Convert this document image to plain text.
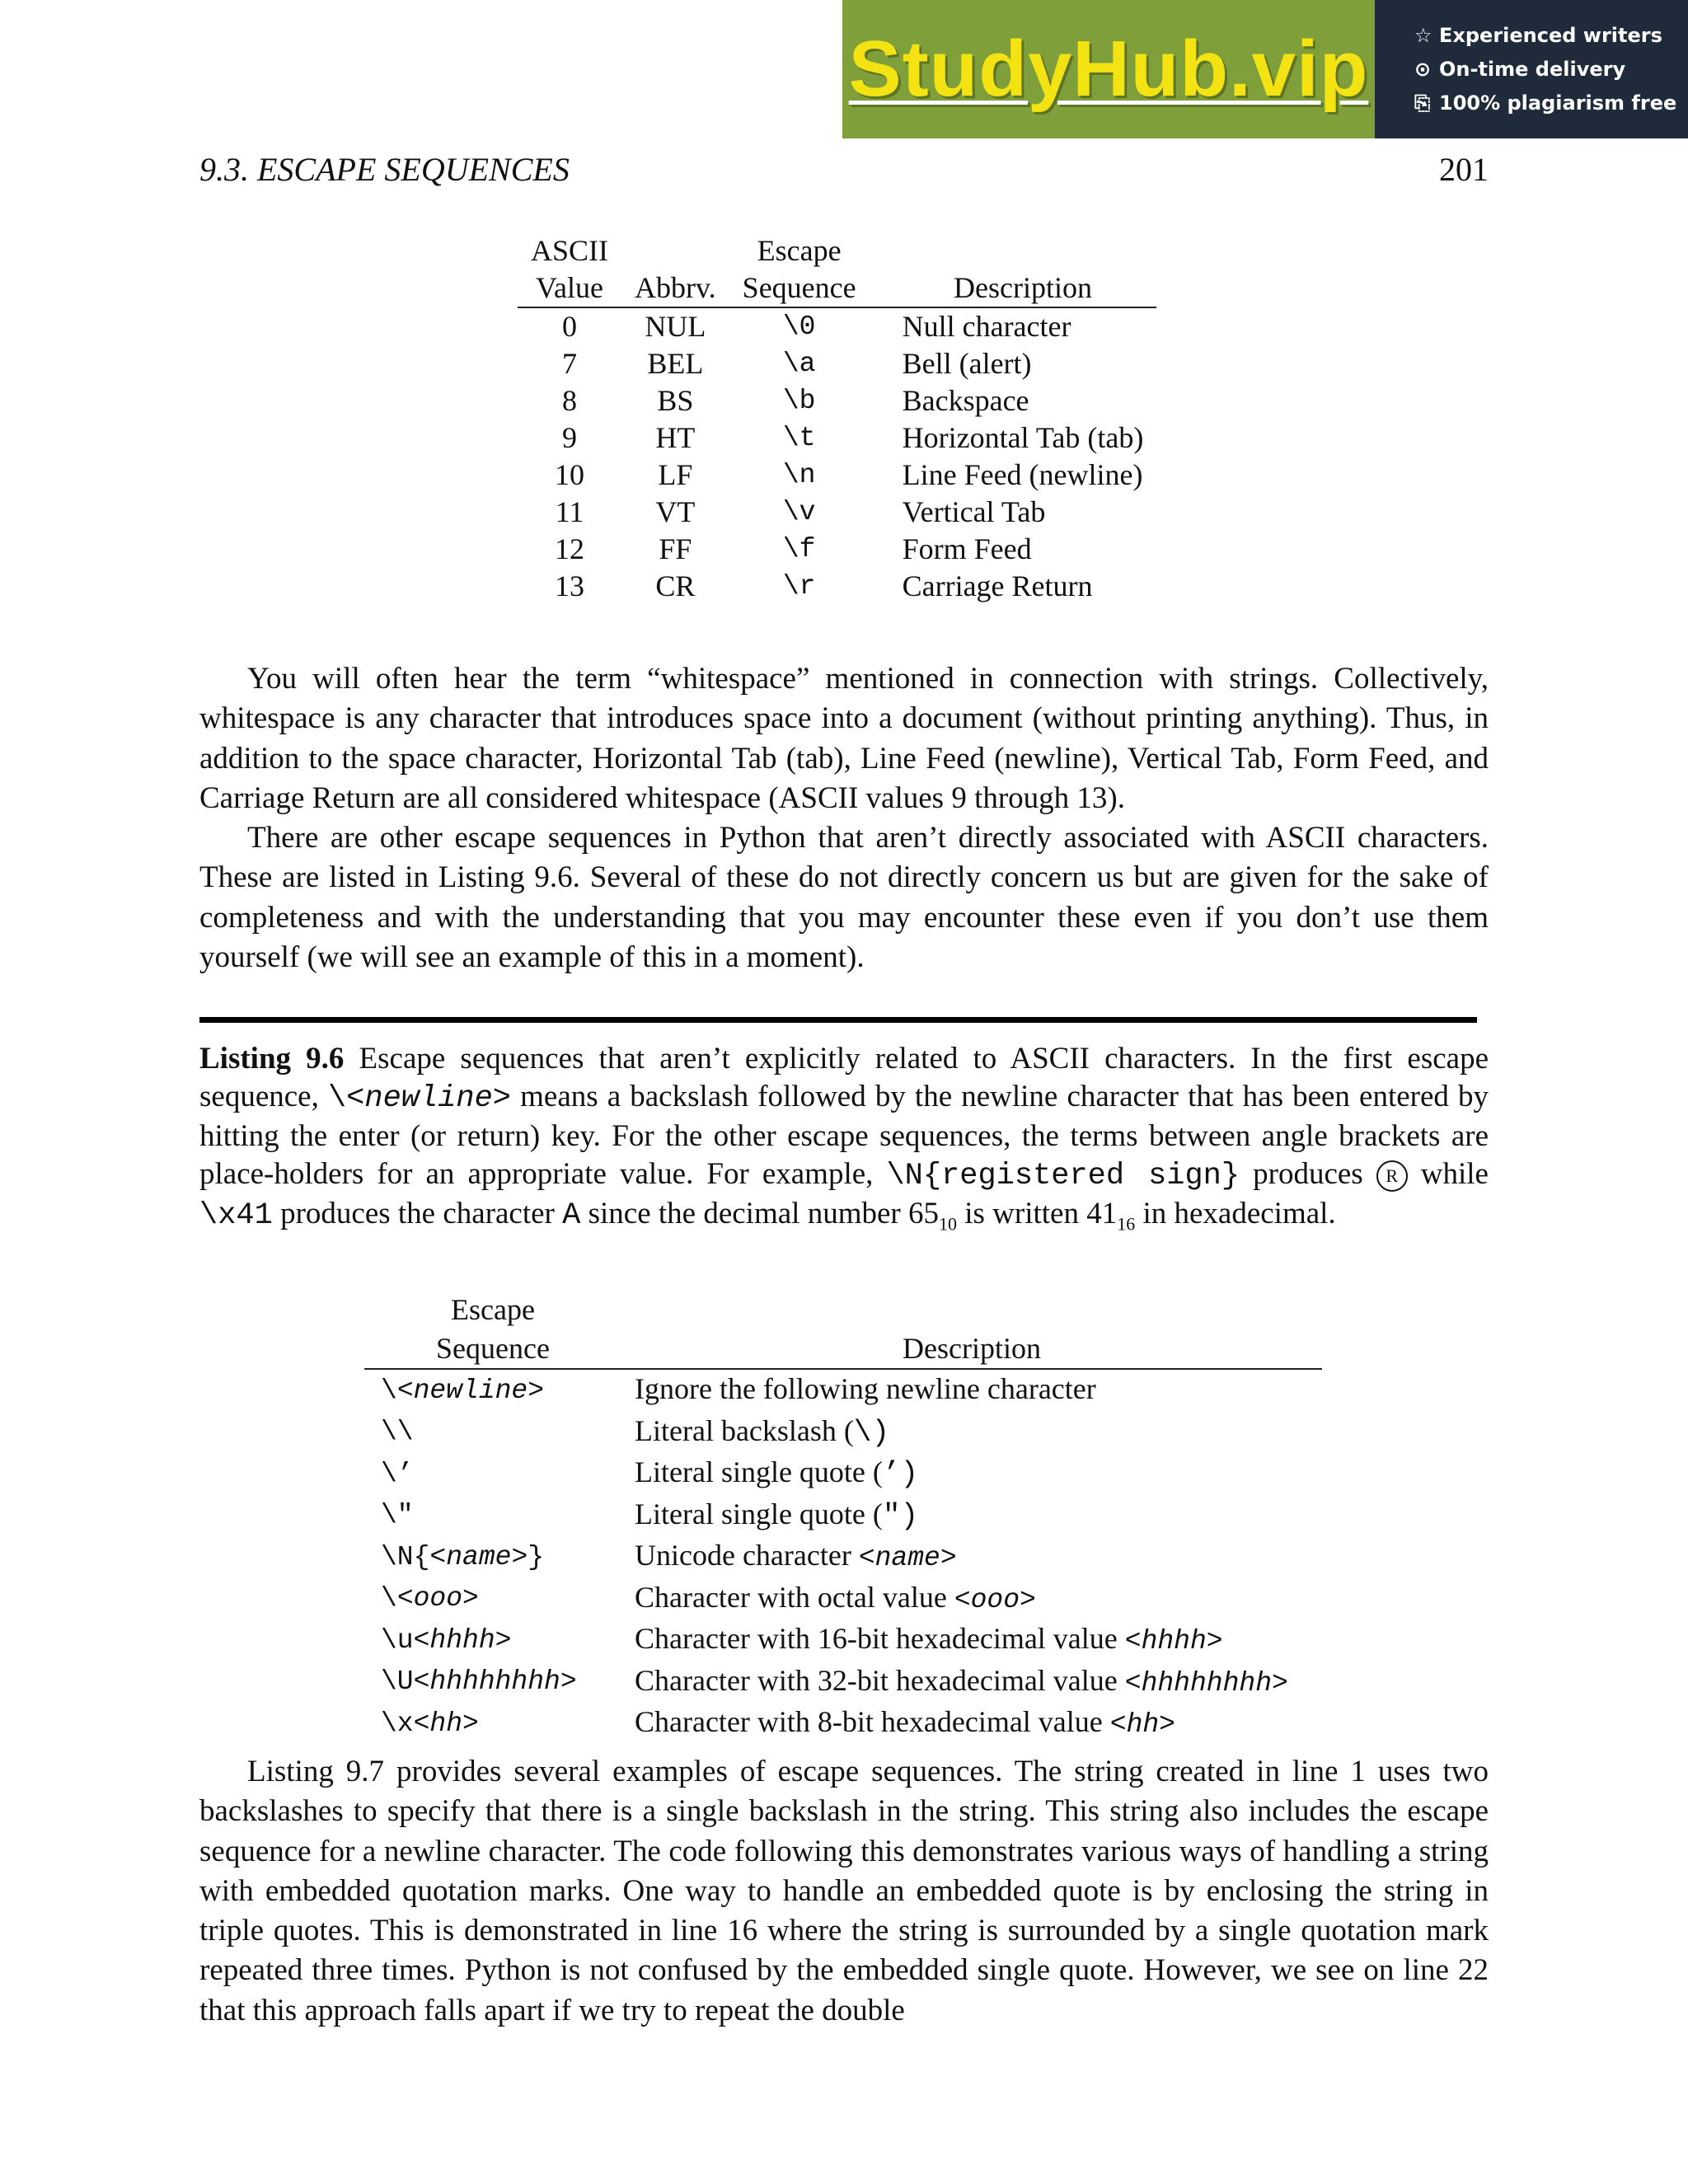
StudyHub.vip ☆ Experienced writers
⊙ On-time delivery
⎘ 100% plagiarism free
9.3. ESCAPE SEQUENCES	201
ASCII		Escape	
Value	Abbrv.	Sequence	Description
0	NUL	\0	Null character
7	BEL	\a	Bell (alert)
8	BS	\b	Backspace
9	HT	\t	Horizontal Tab (tab)
10	LF	\n	Line Feed (newline)
11	VT	\v	Vertical Tab
12	FF	\f	Form Feed
13	CR	\r	Carriage Return

You will often hear the term “whitespace” mentioned in connection with strings. Collectively, whitespace is any character that introduces space into a document (without printing anything). Thus, in addition to the space character, Horizontal Tab (tab), Line Feed (newline), Vertical Tab, Form Feed, and Carriage Return are all considered whitespace (ASCII values 9 through 13).

There are other escape sequences in Python that aren’t directly associated with ASCII characters. These are listed in Listing 9.6. Several of these do not directly concern us but are given for the sake of completeness and with the understanding that you may encounter these even if you don’t use them yourself (we will see an example of this in a moment).

Listing 9.6 Escape sequences that aren’t explicitly related to ASCII characters. In the first escape sequence, \<newline> means a backslash followed by the newline character that has been entered by hitting the enter (or return) key. For the other escape sequences, the terms between angle brackets are place-holders for an appropriate value. For example, \N{registered sign} produces R while \x41 produces the character A since the decimal number $65_{10}$ is written $41_{16}$ in hexadecimal.

Escape	
Sequence	Description
\<newline>	Ignore the following newline character
\\	Literal backslash (\)
\’	Literal single quote (’)
\"	Literal single quote (")
\N{<name>}	Unicode character <name>
\<ooo>	Character with octal value <ooo>
\u<hhhh>	Character with 16-bit hexadecimal value <hhhh>
\U<hhhhhhhh>	Character with 32-bit hexadecimal value <hhhhhhhh>
\x<hh>	Character with 8-bit hexadecimal value <hh>

Listing 9.7 provides several examples of escape sequences. The string created in line 1 uses two backslashes to specify that there is a single backslash in the string. This string also includes the escape sequence for a newline character. The code following this demonstrates various ways of handling a string with embedded quotation marks. One way to handle an embedded quote is by enclosing the string in triple quotes. This is demonstrated in line 16 where the string is surrounded by a single quotation mark repeated three times. Python is not confused by the embedded single quote. However, we see on line 22 that this approach falls apart if we try to repeat the double
